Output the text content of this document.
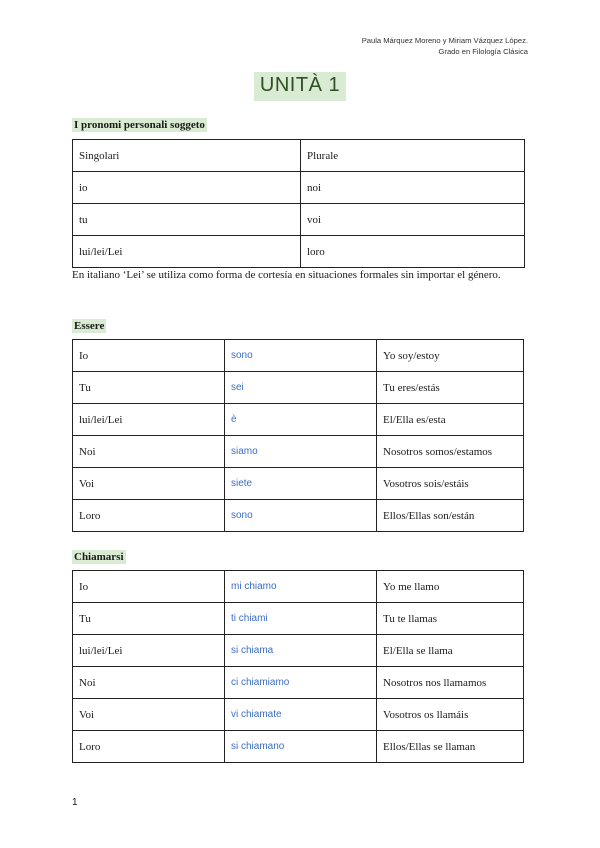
Paula Márquez Moreno y Miriam Vázquez López.
Grado en Filología Clásica
UNITÀ 1
I pronomi personali soggeto
Singolari	Plurale
io	noi
tu	voi
lui/lei/Lei	loro
En italiano ‘Lei’ se utiliza como forma de cortesía en situaciones formales sin importar el género.
Essere
Io	sono	Yo soy/estoy
Tu	sei	Tu eres/estás
lui/lei/Lei	è	El/Ella es/esta
Noi	siamo	Nosotros somos/estamos
Voi	siete	Vosotros sois/estáis
Loro	sono	Ellos/Ellas son/están
Chiamarsi
Io	mi chiamo	Yo me llamo
Tu	ti chiami	Tu te llamas
lui/lei/Lei	si chiama	El/Ella se llama
Noi	ci chiamiamo	Nosotros nos llamamos
Voi	vi chiamate	Vosotros os llamáis
Loro	si chiamano	Ellos/Ellas se llaman
1
